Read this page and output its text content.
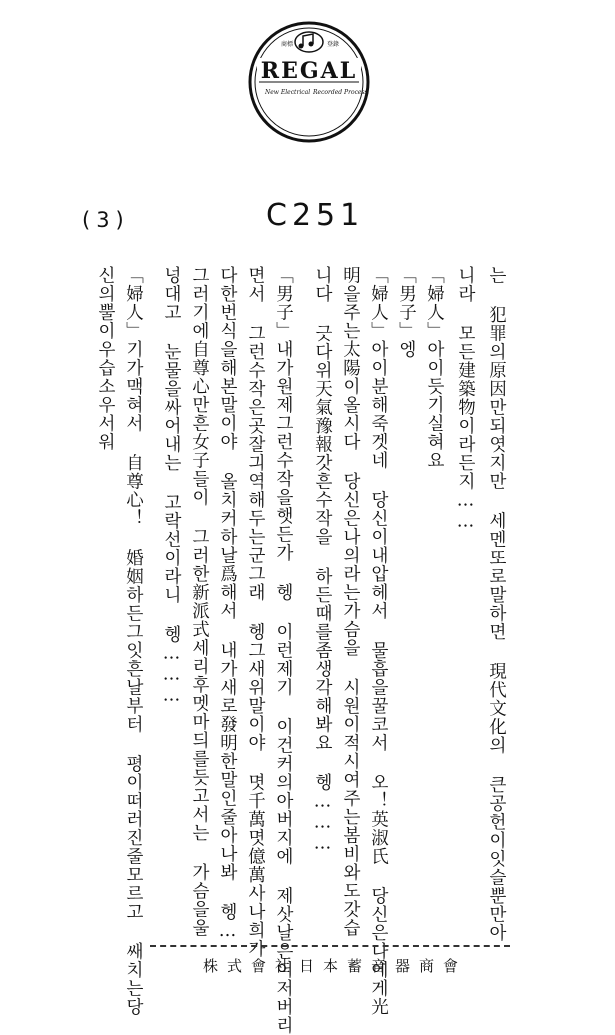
商標	登錄
REGAL
New Electrical Recorded Process
(3)	C251
는 犯罪의原因만되엿지만 세멘또로말하면 現代文化의 큰공헌이잇슬뿐만아
니라 모든建築物이라든지……
「婦人」아이듯기실혀요
「男子」엥
「婦人」아이분해죽겟네 당신이내압헤서 물흡을꿀코서 오！英淑氏 당신은나에게光
明을주는太陽이올시다 당신은나의라는가슴을 시원이적시여주는봄비와도갓습
니다 긋다위天氣豫報갓흔수작을 하든때를좀생각해봐요 헹………
「男子」내가원제그런수작을햇든가 헹 이런제기 이건커의아버지에 제삿날은어저버리
면서 그런수작은곳잘긔역해두는군그래 헹그새위말이야 몃千萬몃億萬사나희가
다한번식을해본말이야 올치커하날爲해서 내가새로發明한말인줄아나봐 헹…
그러기에自尊心만흔女子들이 그러한新派式세리후멧마듸를듯고서는 가슴을울
넝대고 눈물을싸어내는 고락선이라니 헹………
「婦人」기가맥혀서 自尊心！ 婚姻하든그잇흔날부터 평이떠러진줄모르고 쌔치는당
신의뿔이우습소우서워
株式會社日本蓄音器商會
